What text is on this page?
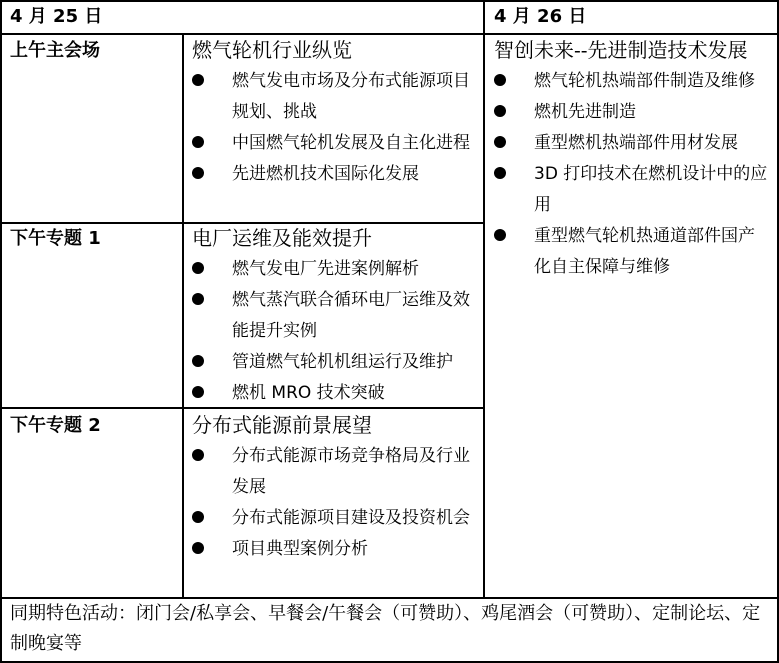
4 月 25 日	4 月 26 日
上午主会场	燃气轮机行业纵览
燃气发电市场及分布式能源项目规划、挑战
中国燃气轮机发展及自主化进程
先进燃机技术国际化发展
下午专题 1	电厂运维及能效提升
燃气发电厂先进案例解析
燃气蒸汽联合循环电厂运维及效能提升实例
管道燃气轮机机组运行及维护
燃机 MRO 技术突破
下午专题 2	分布式能源前景展望
分布式能源市场竞争格局及行业发展
分布式能源项目建设及投资机会
项目典型案例分析
智创未来--先进制造技术发展
燃气轮机热端部件制造及维修
燃机先进制造
重型燃机热端部件用材发展
3D 打印技术在燃机设计中的应用
重型燃气轮机热通道部件国产化自主保障与维修
同期特色活动：闭门会/私享会、早餐会/午餐会（可赞助）、鸡尾酒会（可赞助）、定制论坛、定制晚宴等
